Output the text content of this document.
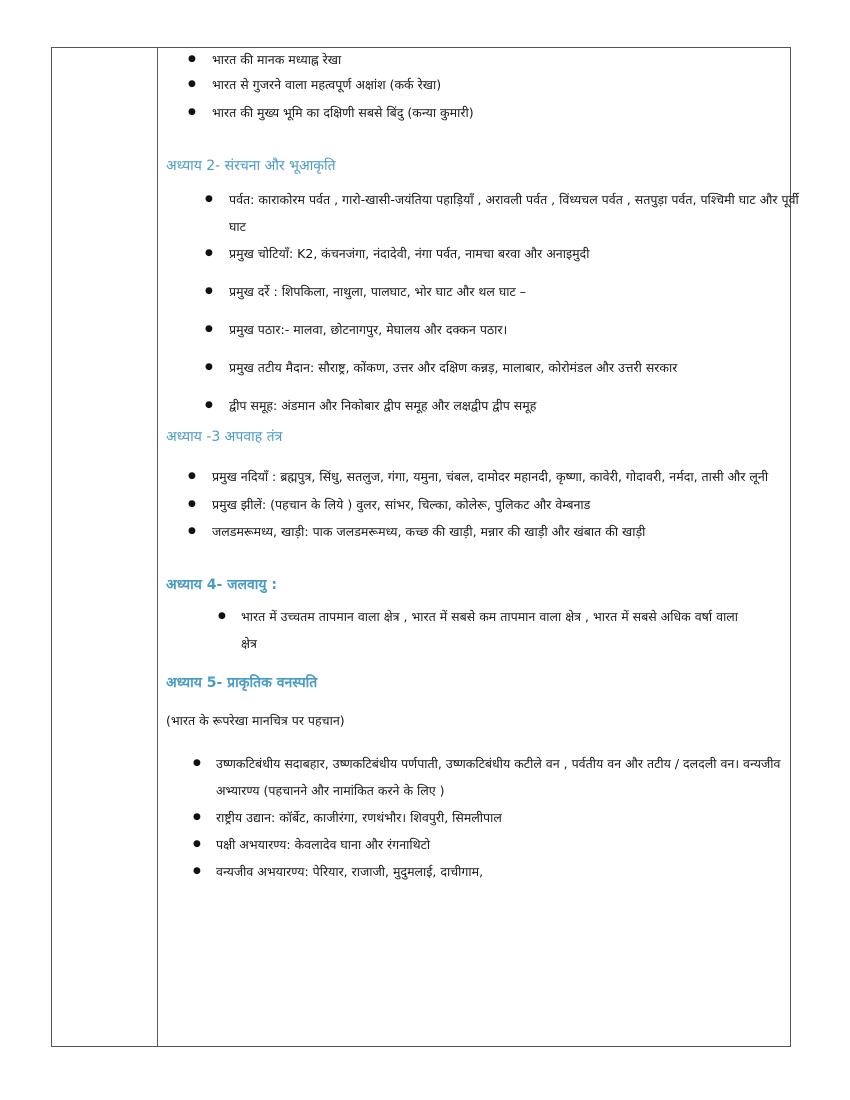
● भारत की मानक मध्याह्न रेखा
● भारत से गुजरने वाला महत्वपूर्ण अक्षांश (कर्क रेखा)
● भारत की मुख्य भूमि का दक्षिणी सबसे बिंदु (कन्या कुमारी)

अध्याय 2- संरचना और भूआकृति

● पर्वत: काराकोरम पर्वत , गारो-खासी-जयंतिया पहाड़ियाँ , अरावली पर्वत , विंध्यचल पर्वत , सतपुड़ा पर्वत, पश्चिमी घाट और पूर्वी घाट
● प्रमुख चोटियाँ: K2, कंचनजंगा, नंदादेवी, नंगा पर्वत, नामचा बरवा और अनाइमुदी
● प्रमुख दर्रे : शिपकिला, नाथुला, पालघाट, भोर घाट और थल घाट –
● प्रमुख पठार:- मालवा, छोटनागपुर, मेघालय और दक्कन पठार।
● प्रमुख तटीय मैदान: सौराष्ट्र, कोंकण, उत्तर और दक्षिण कन्नड़, मालाबार, कोरोमंडल और उत्तरी सरकार
● द्वीप समूह: अंडमान और निकोबार द्वीप समूह और लक्षद्वीप द्वीप समूह

अध्याय -3 अपवाह तंत्र

● प्रमुख नदियाँ : ब्रह्मपुत्र, सिंधु, सतलुज, गंगा, यमुना, चंबल, दामोदर महानदी, कृष्णा, कावेरी, गोदावरी, नर्मदा, तासी और लूनी
● प्रमुख झीलें: (पहचान के लिये ) वुलर, सांभर, चिल्का, कोलेरू, पुलिकट और वेम्बनाड
● जलडमरूमध्य, खाड़ी: पाक जलडमरूमध्य, कच्छ की खाड़ी, मन्नार की खाड़ी और खंबात की खाड़ी

अध्याय 4- जलवायु :

● भारत में उच्चतम तापमान वाला क्षेत्र , भारत में सबसे कम तापमान वाला क्षेत्र , भारत में सबसे अधिक वर्षा वाला क्षेत्र

अध्याय 5- प्राकृतिक वनस्पति

(भारत के रूपरेखा मानचित्र पर पहचान)

● उष्णकटिबंधीय सदाबहार, उष्णकटिबंधीय पर्णपाती, उष्णकटिबंधीय कटीले वन , पर्वतीय वन और तटीय / दलदली वन। वन्यजीव अभ्यारण्य (पहचानने और नामांकित करने के लिए )
● राष्ट्रीय उद्यान: कॉर्बेट, काजीरंगा, रणथंभौर। शिवपुरी, सिमलीपाल
● पक्षी अभयारण्य: केवलादेव घाना और रंगनाथिटो
● वन्यजीव अभयारण्य: पेरियार, राजाजी, मुदुमलाई, दाचीगाम,
